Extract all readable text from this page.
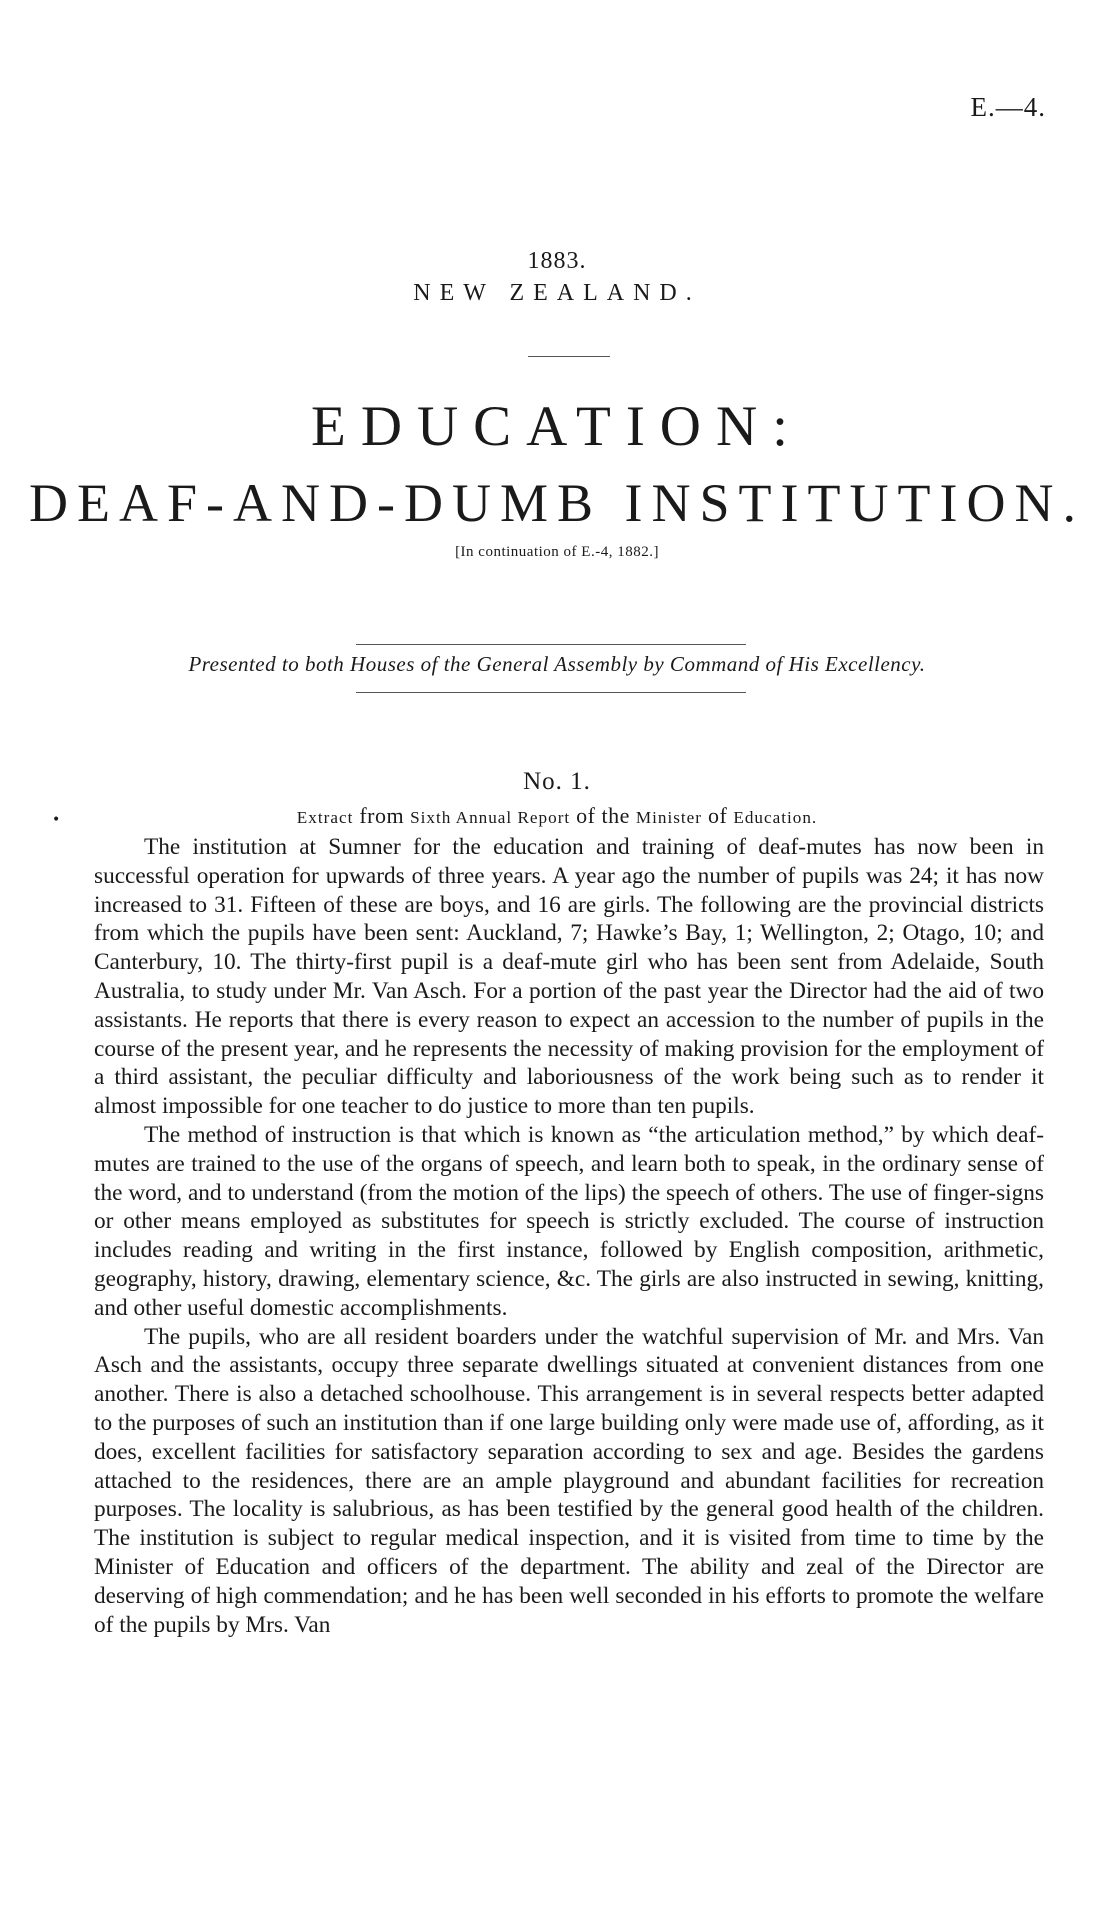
E.—4.
1883.
NEW ZEALAND.
EDUCATION:
DEAF-AND-DUMB INSTITUTION.
[In continuation of E.-4, 1882.]
Presented to both Houses of the General Assembly by Command of His Excellency.
No. 1.
•	Extract from Sixth Annual Report of the Minister of Education.

The institution at Sumner for the education and training of deaf-mutes has now been in successful operation for upwards of three years. A year ago the number of pupils was 24; it has now increased to 31. Fifteen of these are boys, and 16 are girls. The following are the provincial districts from which the pupils have been sent: Auckland, 7; Hawke’s Bay, 1; Wellington, 2; Otago, 10; and Canterbury, 10. The thirty-first pupil is a deaf-mute girl who has been sent from Adelaide, South Australia, to study under Mr. Van Asch. For a portion of the past year the Director had the aid of two assistants. He reports that there is every reason to expect an accession to the number of pupils in the course of the present year, and he represents the necessity of making provision for the employment of a third assistant, the peculiar difficulty and laboriousness of the work being such as to render it almost impossible for one teacher to do justice to more than ten pupils.

The method of instruction is that which is known as “the articulation method,” by which deaf-mutes are trained to the use of the organs of speech, and learn both to speak, in the ordinary sense of the word, and to understand (from the motion of the lips) the speech of others. The use of finger-signs or other means employed as substitutes for speech is strictly excluded. The course of instruction includes reading and writing in the first instance, followed by English composition, arithmetic, geography, history, drawing, elementary science, &c. The girls are also instructed in sewing, knitting, and other useful domestic accomplishments.

The pupils, who are all resident boarders under the watchful supervision of Mr. and Mrs. Van Asch and the assistants, occupy three separate dwellings situated at convenient distances from one another. There is also a detached schoolhouse. This arrangement is in several respects better adapted to the purposes of such an institution than if one large building only were made use of, affording, as it does, excellent facilities for satisfactory separation according to sex and age. Besides the gardens attached to the residences, there are an ample playground and abundant facilities for recreation purposes. The locality is salubrious, as has been testified by the general good health of the children. The institution is subject to regular medical inspection, and it is visited from time to time by the Minister of Education and officers of the department. The ability and zeal of the Director are deserving of high commendation; and he has been well seconded in his efforts to promote the welfare of the pupils by Mrs. Van
